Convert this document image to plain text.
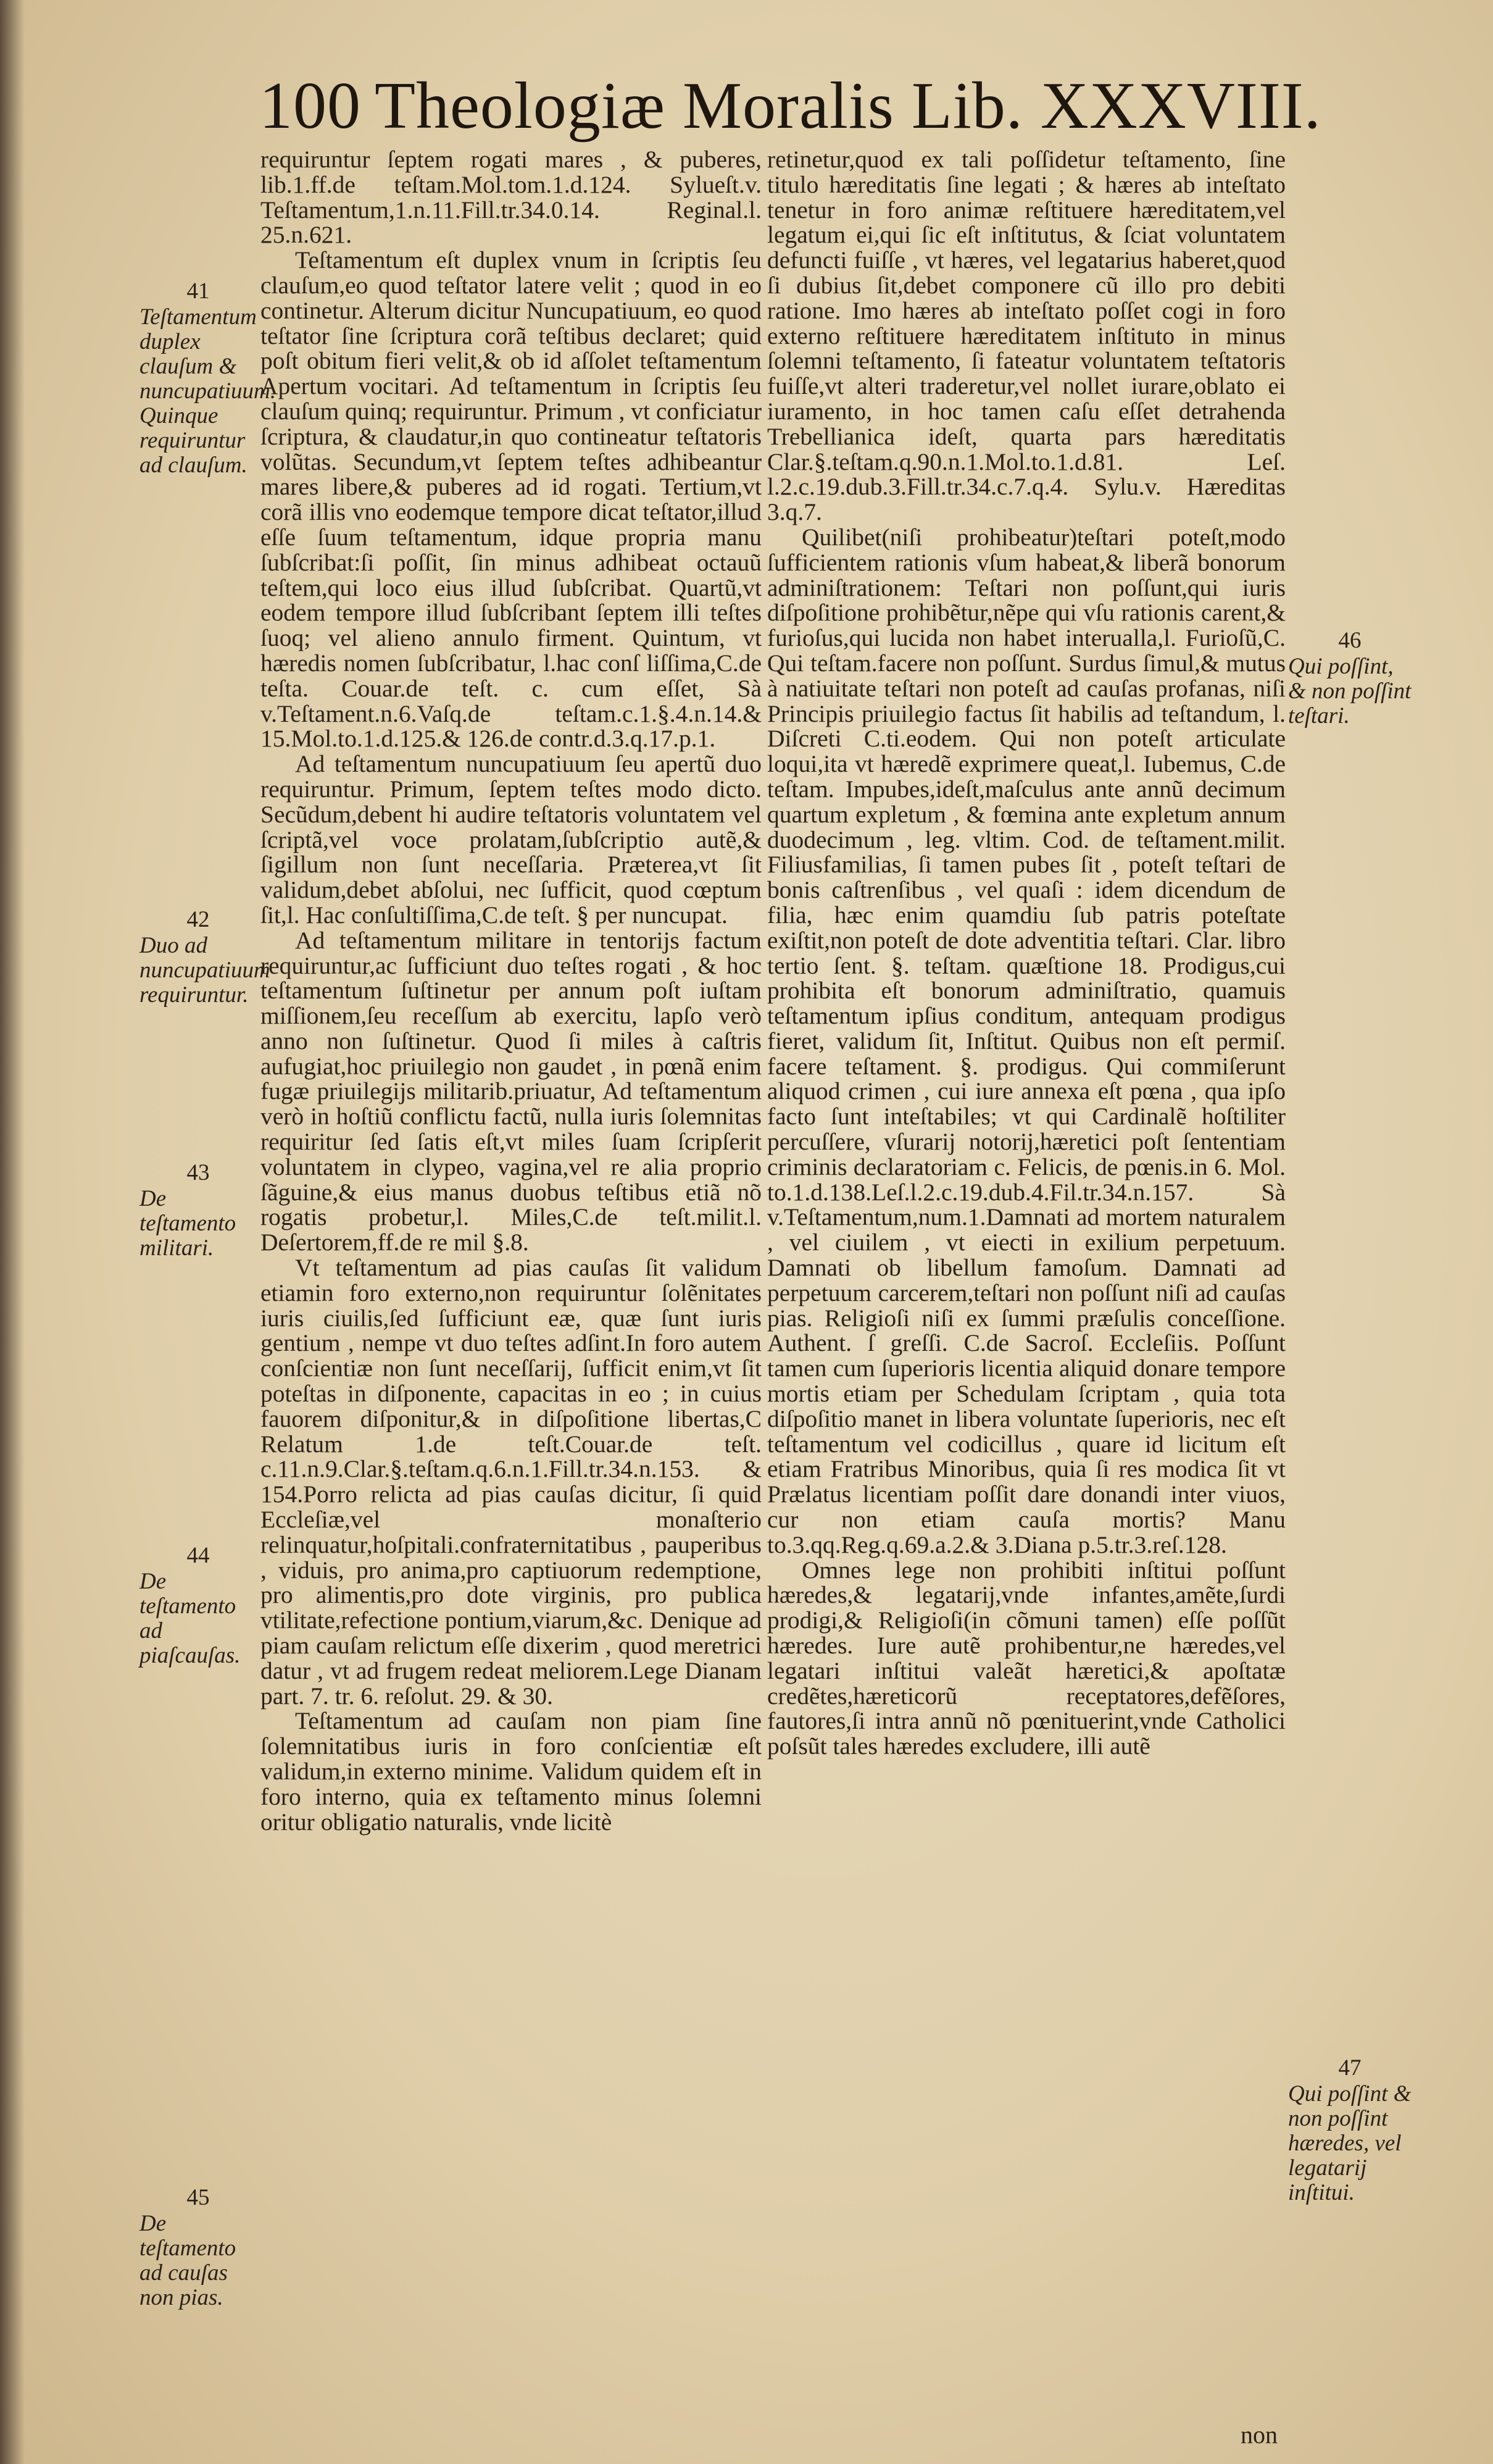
100 Theologiæ Moralis Lib. XXXVIII.
41
Teſtamentum duplex clauſum & nuncupatiuum. Quinque requiruntur ad clauſum.
42
Duo ad nuncupatiuum requiruntur.
43
De teſtamento militari.
44
De teſtamento ad piaſcauſas.
45
De teſtamento ad cauſas non pias.

requiruntur ſeptem rogati mares , & puberes, lib.1.ff.de teſtam.Mol.tom.1.d.124. Sylueſt.v. Teſtamentum,1.n.11.Fill.tr.34.0.14. Reginal.l. 25.n.621.

Teſtamentum eſt duplex vnum in ſcriptis ſeu clauſum,eo quod teſtator latere velit ; quod in eo continetur. Alterum dicitur Nuncupatiuum, eo quod teſtator ſine ſcriptura corã teſtibus declaret; quid poſt obitum fieri velit,& ob id aſſolet teſtamentum Apertum vocitari. Ad teſtamentum in ſcriptis ſeu clauſum quinq; requiruntur. Primum , vt conficiatur ſcriptura, & claudatur,in quo contineatur teſtatoris volũtas. Secundum,vt ſeptem teſtes adhibeantur mares libere,& puberes ad id rogati. Tertium,vt corã illis vno eodemque tempore dicat teſtator,illud eſſe ſuum teſtamentum, idque propria manu ſubſcribat:ſi poſſit, ſin minus adhibeat octauũ teſtem,qui loco eius illud ſubſcribat. Quartũ,vt eodem tempore illud ſubſcribant ſeptem illi teſtes ſuoq; vel alieno annulo firment. Quintum, vt hæredis nomen ſubſcribatur, l.hac conſ liſſima,C.de teſta. Couar.de teſt. c. cum eſſet, Sà v.Teſtament.n.6.Vaſq.de teſtam.c.1.§.4.n.14.& 15.Mol.to.1.d.125.& 126.de contr.d.3.q.17.p.1.

Ad teſtamentum nuncupatiuum ſeu apertũ duo requiruntur. Primum, ſeptem teſtes modo dicto. Secũdum,debent hi audire teſtatoris voluntatem vel ſcriptã,vel voce prolatam,ſubſcriptio autẽ,& ſigillum non ſunt neceſſaria. Præterea,vt ſit validum,debet abſolui, nec ſufficit, quod cœptum ſit,l. Hac conſultiſſima,C.de teſt. § per nuncupat.

Ad teſtamentum militare in tentorijs factum requiruntur,ac ſufficiunt duo teſtes rogati , & hoc teſtamentum ſuſtinetur per annum poſt iuſtam miſſionem,ſeu receſſum ab exercitu, lapſo verò anno non ſuſtinetur. Quod ſi miles à caſtris aufugiat,hoc priuilegio non gaudet , in pœnã enim fugæ priuilegijs militarib.priuatur, Ad teſtamentum verò in hoſtiũ conflictu factũ, nulla iuris ſolemnitas requiritur ſed ſatis eſt,vt miles ſuam ſcripſerit voluntatem in clypeo, vagina,vel re alia proprio ſãguine,& eius manus duobus teſtibus etiã nõ rogatis probetur,l. Miles,C.de teſt.milit.l. Deſertorem,ff.de re mil §.8.

Vt teſtamentum ad pias cauſas ſit validum etiamin foro externo,non requiruntur ſolẽnitates iuris ciuilis,ſed ſufficiunt eæ, quæ ſunt iuris gentium , nempe vt duo teſtes adſint.In foro autem conſcientiæ non ſunt neceſſarij, ſufficit enim,vt ſit poteſtas in diſponente, capacitas in eo ; in cuius fauorem diſponitur,& in diſpoſitione libertas,C Relatum 1.de teſt.Couar.de teſt. c.11.n.9.Clar.§.teſtam.q.6.n.1.Fill.tr.34.n.153. & 154.Porro relicta ad pias cauſas dicitur, ſi quid Eccleſiæ,vel monaſterio relinquatur,hoſpitali.confraternitatibus , pauperibus , viduis, pro anima,pro captiuorum redemptione, pro alimentis,pro dote virginis, pro publica vtilitate,refectione pontium,viarum,&c. Denique ad piam cauſam relictum eſſe dixerim , quod meretrici datur , vt ad frugem redeat meliorem.Lege Dianam part. 7. tr. 6. reſolut. 29. & 30.

Teſtamentum ad cauſam non piam ſine ſolemnitatibus iuris in foro conſcientiæ eſt validum,in externo minime. Validum quidem eſt in foro interno, quia ex teſtamento minus ſolemni oritur obligatio naturalis, vnde licitè

retinetur,quod ex tali poſſidetur teſtamento, ſine titulo hæreditatis ſine legati ; & hæres ab inteſtato tenetur in foro animæ reſtituere hæreditatem,vel legatum ei,qui ſic eſt inſtitutus, & ſciat voluntatem defuncti fuiſſe , vt hæres, vel legatarius haberet,quod ſi dubius ſit,debet componere cũ illo pro debiti ratione. Imo hæres ab inteſtato poſſet cogi in foro externo reſtituere hæreditatem inſtituto in minus ſolemni teſtamento, ſi fateatur voluntatem teſtatoris fuiſſe,vt alteri traderetur,vel nollet iurare,oblato ei iuramento, in hoc tamen caſu eſſet detrahenda Trebellianica ideſt, quarta pars hæreditatis Clar.§.teſtam.q.90.n.1.Mol.to.1.d.81. Leſ. l.2.c.19.dub.3.Fill.tr.34.c.7.q.4. Sylu.v. Hæreditas 3.q.7.

Quilibet(niſi prohibeatur)teſtari poteſt,modo ſufficientem rationis vſum habeat,& liberã bonorum adminiſtrationem: Teſtari non poſſunt,qui iuris diſpoſitione prohibẽtur,nẽpe qui vſu rationis carent,& furioſus,qui lucida non habet interualla,l. Furioſũ,C. Qui teſtam.facere non poſſunt. Surdus ſimul,& mutus à natiuitate teſtari non poteſt ad cauſas profanas, niſi Principis priuilegio factus ſit habilis ad teſtandum, l. Diſcreti C.ti.eodem. Qui non poteſt articulate loqui,ita vt hæredẽ exprimere queat,l. Iubemus, C.de teſtam. Impubes,ideſt,maſculus ante annũ decimum quartum expletum , & fœmina ante expletum annum duodecimum , leg. vltim. Cod. de teſtament.milit. Filiusfamilias, ſi tamen pubes ſit , poteſt teſtari de bonis caſtrenſibus , vel quaſi : idem dicendum de filia, hæc enim quamdiu ſub patris poteſtate exiſtit,non poteſt de dote adventitia teſtari. Clar. libro tertio ſent. §. teſtam. quæſtione 18. Prodigus,cui prohibita eſt bonorum adminiſtratio, quamuis teſtamentum ipſius conditum, antequam prodigus fieret, validum ſit, Inſtitut. Quibus non eſt permiſ. facere teſtament. §. prodigus. Qui commiſerunt aliquod crimen , cui iure annexa eſt pœna , qua ipſo facto ſunt inteſtabiles; vt qui Cardinalẽ hoſtiliter percuſſere, vſurarij notorij,hæretici poſt ſententiam criminis declaratoriam c. Felicis, de pœnis.in 6. Mol. to.1.d.138.Leſ.l.2.c.19.dub.4.Fil.tr.34.n.157. Sà v.Teſtamentum,num.1.Damnati ad mortem naturalem , vel ciuilem , vt eiecti in exilium perpetuum. Damnati ob libellum famoſum. Damnati ad perpetuum carcerem,teſtari non poſſunt niſi ad cauſas pias. Religioſi niſi ex ſummi præſulis conceſſione. Authent. ſ greſſi. C.de Sacroſ. Eccleſiis. Poſſunt tamen cum ſuperioris licentia aliquid donare tempore mortis etiam per Schedulam ſcriptam , quia tota diſpoſitio manet in libera voluntate ſuperioris, nec eſt teſtamentum vel codicillus , quare id licitum eſt etiam Fratribus Minoribus, quia ſi res modica ſit vt Prælatus licentiam poſſit dare donandi inter viuos, cur non etiam cauſa mortis? Manu to.3.qq.Reg.q.69.a.2.& 3.Diana p.5.tr.3.reſ.128.

Omnes lege non prohibiti inſtitui poſſunt hæredes,& legatarij,vnde infantes,amẽte,ſurdi prodigi,& Religioſi(in cõmuni tamen) eſſe poſſũt hæredes. Iure autẽ prohibentur,ne hæredes,vel legatari inſtitui valeãt hæretici,& apoſtatæ credẽtes,hæreticorũ receptatores,defẽſores, fautores,ſi intra annũ nõ pœnituerint,vnde Catholici poſsũt tales hæredes excludere, illi autẽ

46
Qui poſſint, & non poſſint teſtari.
47
Qui poſſint & non poſſint hæredes, vel legatarij inſtitui.
non
